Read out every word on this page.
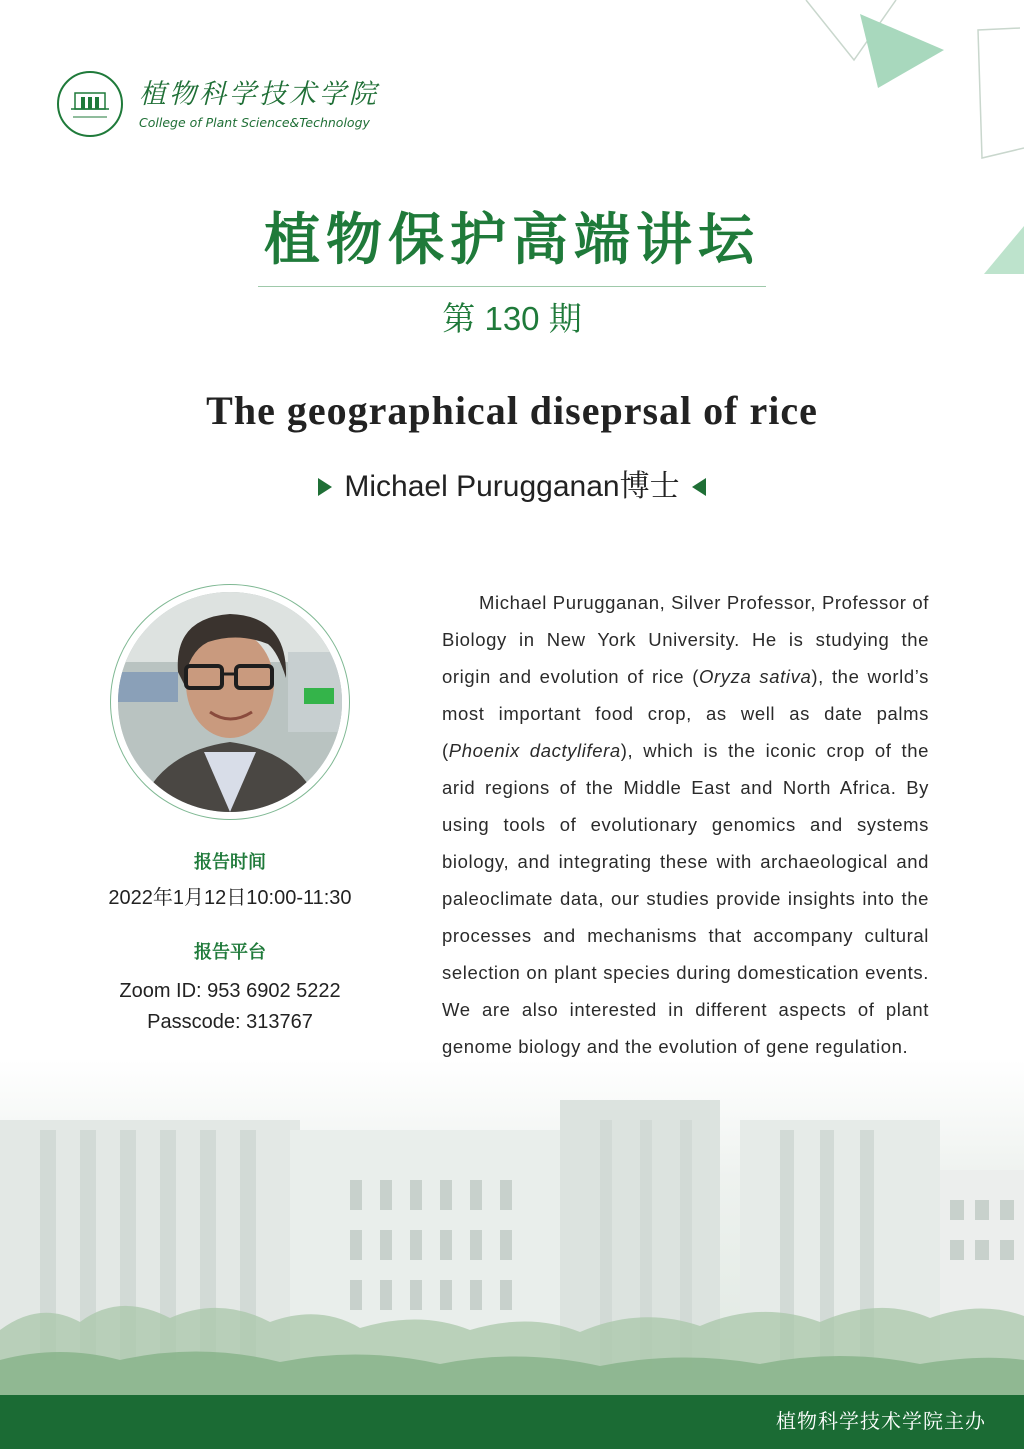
植物科学技术学院
College of Plant Science&Technology
植物保护高端讲坛
第 130 期
The geographical diseprsal of rice
Michael Purugganan博士
报告时间
2022年1月12日10:00-11:30
报告平台
Zoom ID: 953 6902 5222
Passcode: 313767

Michael Purugganan, Silver Professor, Professor of Biology in New York University. He is studying the origin and evolution of rice (Oryza sativa), the world’s most important food crop, as well as date palms (Phoenix dactylifera), which is the iconic crop of the arid regions of the Middle East and North Africa. By using tools of evolutionary genomics and systems biology, and integrating these with archaeological and paleoclimate data, our studies provide insights into the processes and mechanisms that accompany cultural selection on plant species during domestication events. We are also interested in different aspects of plant genome biology and the evolution of gene regulation.

植物科学技术学院主办
